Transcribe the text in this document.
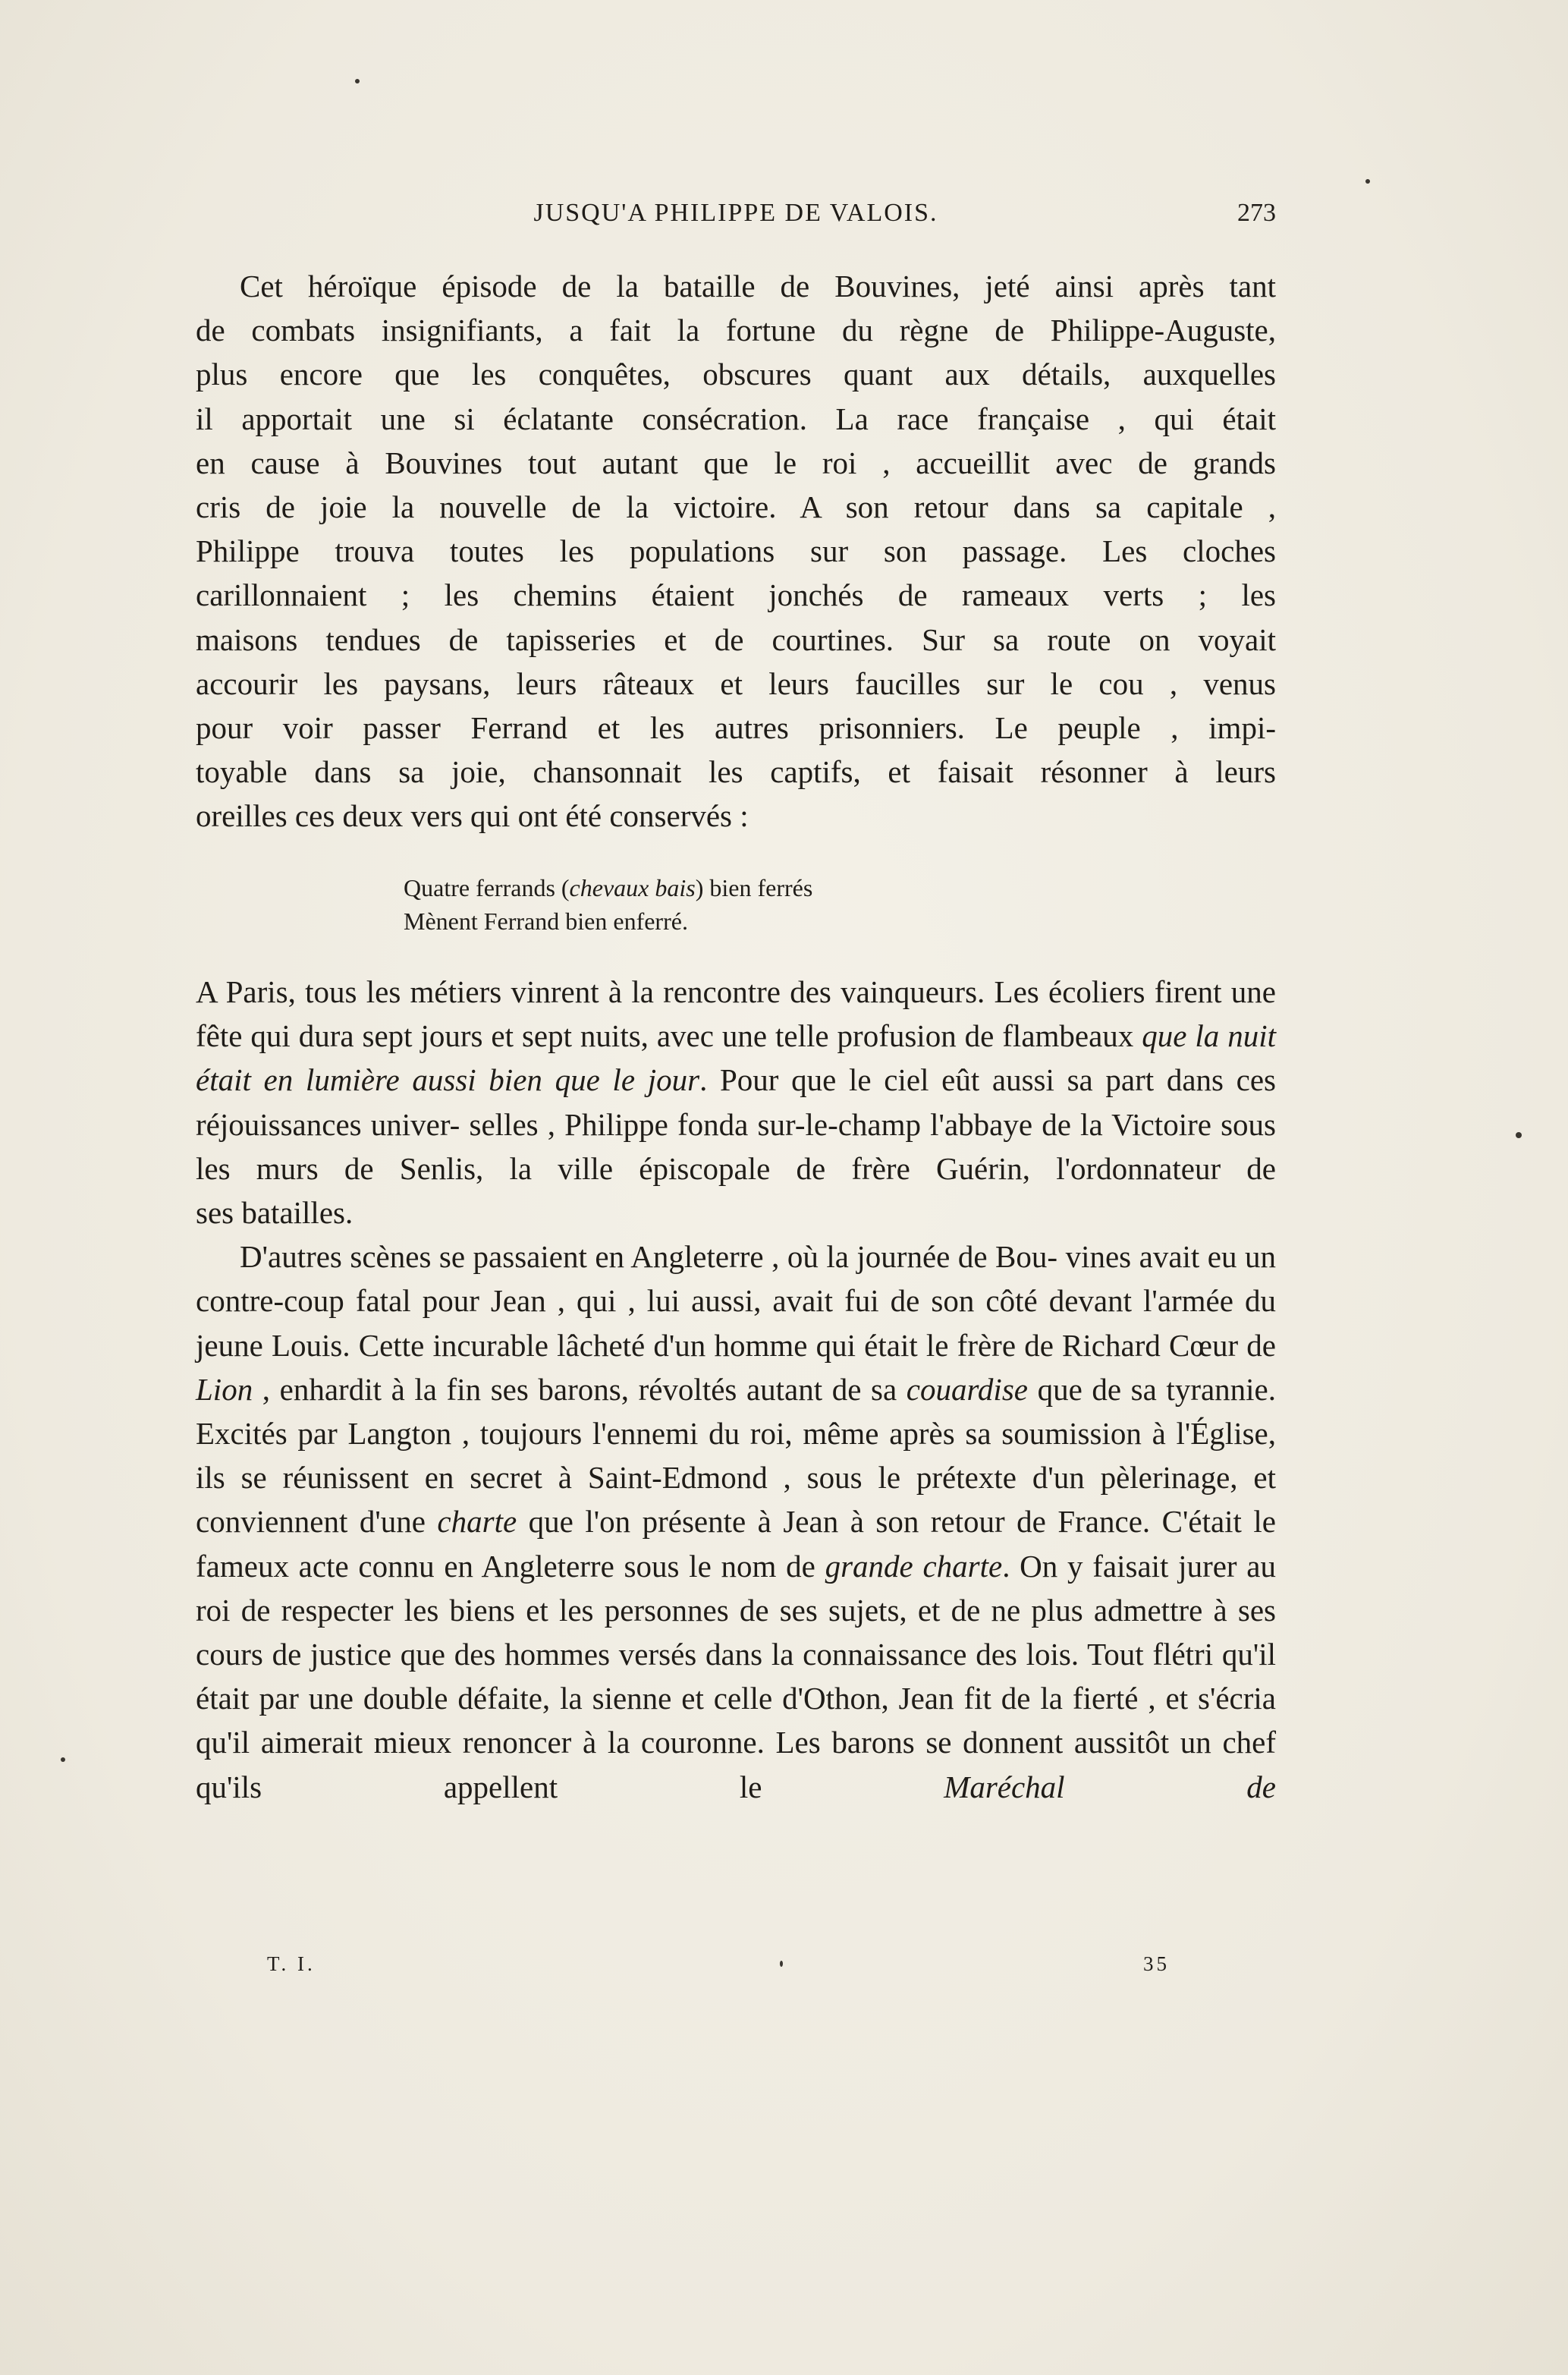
JUSQU'A PHILIPPE DE VALOIS.	273
Cet héroïque épisode de la bataille de Bouvines, jeté ainsi après tant
de combats insignifiants, a fait la fortune du règne de Philippe-Auguste,
plus encore que les conquêtes, obscures quant aux détails, auxquelles
il apportait une si éclatante consécration. La race française , qui était
en cause à Bouvines tout autant que le roi , accueillit avec de grands
cris de joie la nouvelle de la victoire. A son retour dans sa capitale ,
Philippe trouva toutes les populations sur son passage. Les cloches
carillonnaient ; les chemins étaient jonchés de rameaux verts ; les
maisons tendues de tapisseries et de courtines. Sur sa route on voyait
accourir les paysans, leurs râteaux et leurs faucilles sur le cou , venus
pour voir passer Ferrand et les autres prisonniers. Le peuple , impi-
toyable dans sa joie, chansonnait les captifs, et faisait résonner à leurs
oreilles ces deux vers qui ont été conservés :
Quatre ferrands (chevaux bais) bien ferrés
Mènent Ferrand bien enferré.

A Paris, tous les métiers vinrent à la rencontre des vainqueurs. Les écoliers firent une fête qui dura sept jours et sept nuits, avec une telle profusion de flambeaux que la nuit était en lumière aussi bien que le jour. Pour que le ciel eût aussi sa part dans ces réjouissances univer- selles , Philippe fonda sur-le-champ l'abbaye de la Victoire sous les murs de Senlis, la ville épiscopale de frère Guérin, l'ordonnateur de

ses batailles.

D'autres scènes se passaient en Angleterre , où la journée de Bou- vines avait eu un contre-coup fatal pour Jean , qui , lui aussi, avait fui de son côté devant l'armée du jeune Louis. Cette incurable lâcheté d'un homme qui était le frère de Richard Cœur de Lion , enhardit à la fin ses barons, révoltés autant de sa couardise que de sa tyrannie. Excités par Langton , toujours l'ennemi du roi, même après sa soumission à l'Église, ils se réunissent en secret à Saint-Edmond , sous le prétexte d'un pèlerinage, et conviennent d'une charte que l'on présente à Jean à son retour de France. C'était le fameux acte connu en Angleterre sous le nom de grande charte. On y faisait jurer au roi de respecter les biens et les personnes de ses sujets, et de ne plus admettre à ses cours de justice que des hommes versés dans la connaissance des lois. Tout flétri qu'il était par une double défaite, la sienne et celle d'Othon, Jean fit de la fierté , et s'écria qu'il aimerait mieux renoncer à la couronne. Les barons se donnent aussitôt un chef qu'ils appellent le Maréchal de

T. I.	35
